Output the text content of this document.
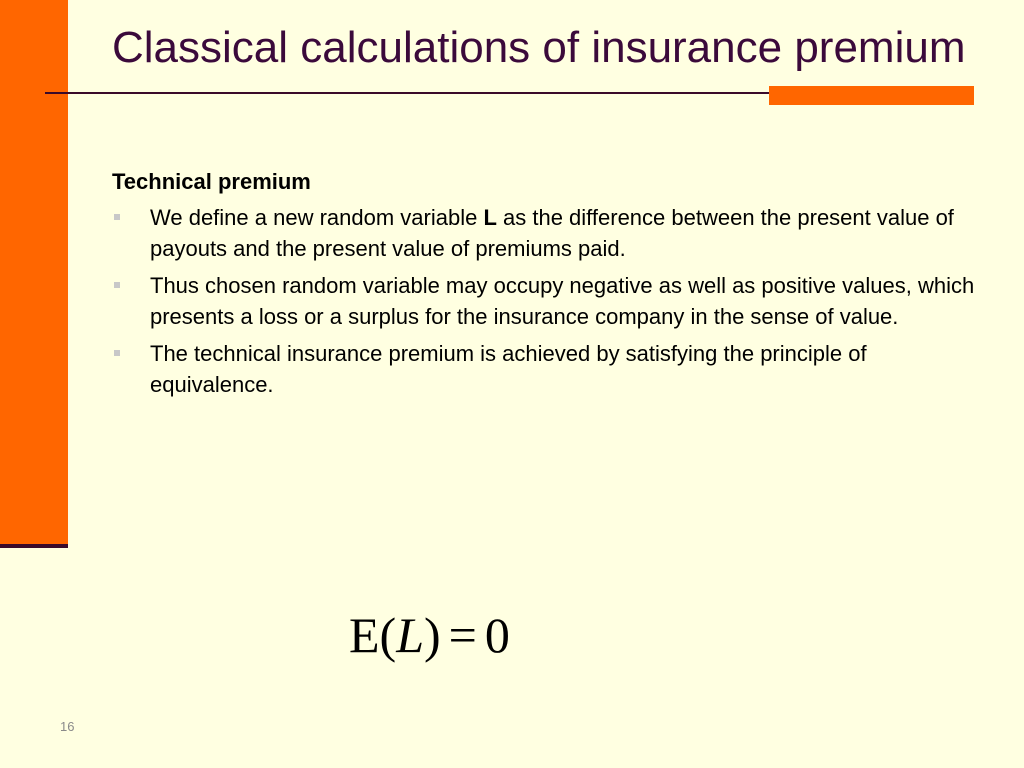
Classical calculations of insurance premium
Technical premium
We define a new random variable L as the difference between the present value of payouts and the present value of premiums paid.
Thus chosen random variable may occupy negative as well as positive values, which presents a loss or a surplus for the insurance company in the sense of value.
The technical insurance premium is achieved by satisfying the principle of equivalence.
E(L) = 0
16
